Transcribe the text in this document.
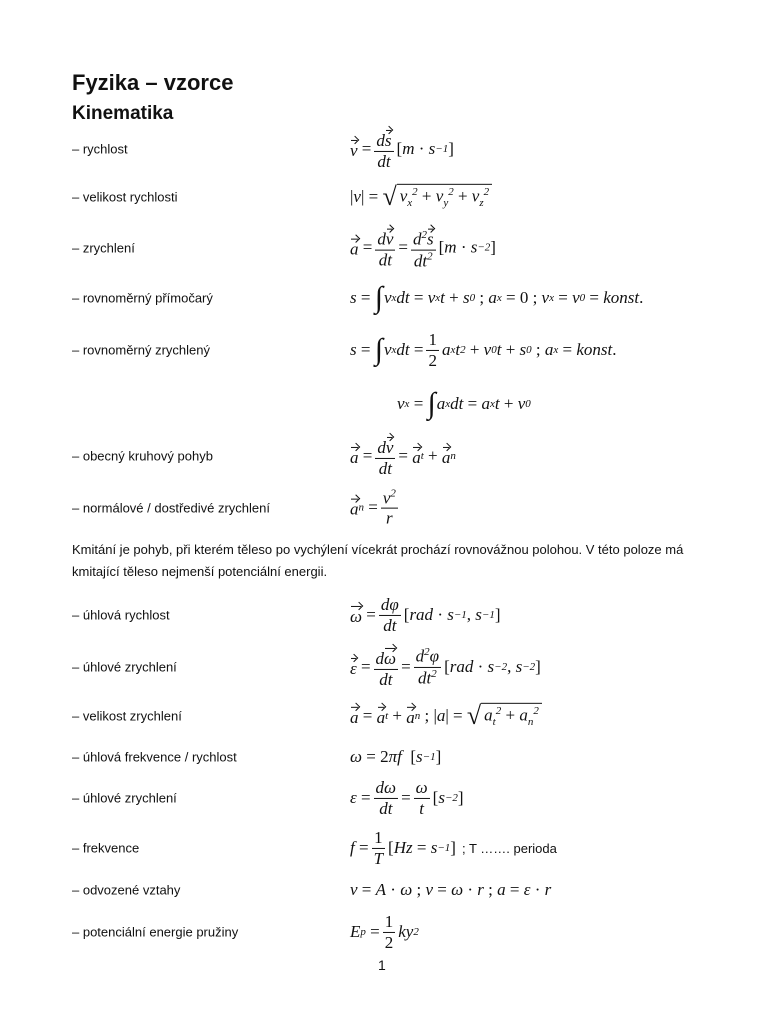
Fyzika – vzorce
Kinematika
– rychlost	v
= $\frac{ds}{dt}$ [ m · s −1 ]
– velikost rychlosti	| v |
=
√ $v_x^2 + v_y^2 + v_z^2$
– zrychlení	a
= $\frac{dv}{dt} = \frac{d^2s}{dt^2}$ [ m · s −2 ]
– rovnoměrný přímočarý	s =
∫ v x dt = v x t + s 0
; a x
=
0
; v x
= v 0
= konst .
– rovnoměrný zrychlený	s =
∫ v x dt = $\frac{1}{2}$ a x t 2
+ v 0 t + s 0
; a x
= konst .
v x
=
∫ a x dt = a x t + v 0
– obecný kruhový pohyb	a
= $\frac{dv}{dt}$ =
a t
+
a n
– normálové / dostředivé zrychlení	a n
= $\frac{v^2}{r}$
Kmitání je pohyb, při kterém těleso po vychýlení vícekrát prochází rovnovážnou polohou. V této poloze má kmitající těleso nejmenší potenciální energii.
– úhlová rychlost	ω
= $\frac{d\varphi}{dt}$ [ rad · s −1 , s −1 ]
– úhlové zrychlení	ε
= $\frac{d\omega}{dt} = \frac{d^2\varphi}{dt^2}$ [ rad · s −2 , s −2 ]
– velikost zrychlení	a
=
a t
+
a n
;
| a |
=
√ $a_t^2 + a_n^2$
– úhlová frekvence / rychlost	ω =
2 πf [ s −1 ]
– úhlové zrychlení	$\varepsilon = \frac{d\omega}{dt} = \frac{\omega}{t}$ [ s −2 ]
– frekvence	$f = \frac{1}{T}$ [ Hz = s −1 ] ; T ……. perioda
– odvozené vztahy	v = A · ω ; v = ω · r ; a = ε · r
– potenciální energie pružiny	E p
= $\frac{1}{2}$ ky 2
1
